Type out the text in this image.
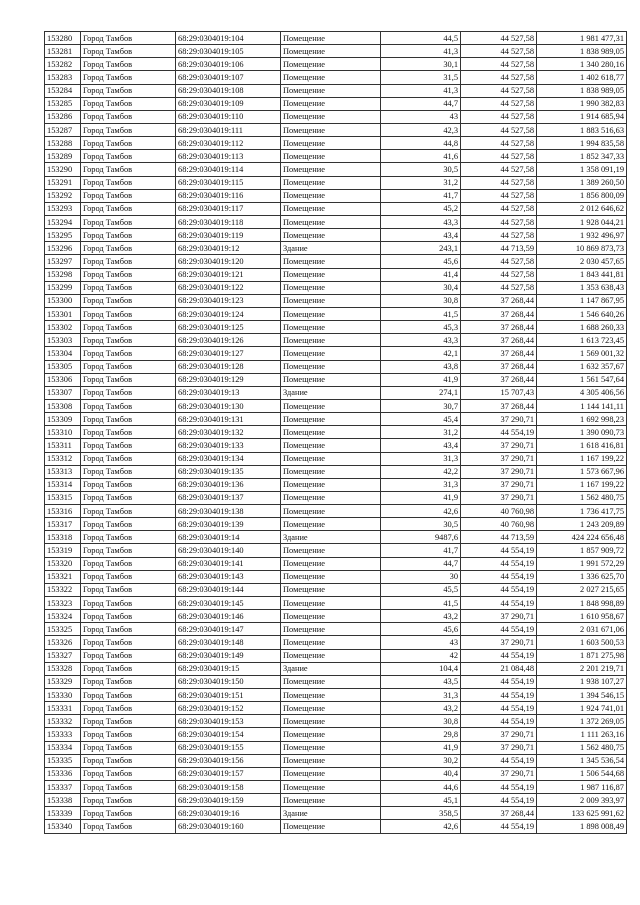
153280	Город Тамбов	68:29:0304019:104	Помещение	44,5	44 527,58	1 981 477,31
153281	Город Тамбов	68:29:0304019:105	Помещение	41,3	44 527,58	1 838 989,05
153282	Город Тамбов	68:29:0304019:106	Помещение	30,1	44 527,58	1 340 280,16
153283	Город Тамбов	68:29:0304019:107	Помещение	31,5	44 527,58	1 402 618,77
153284	Город Тамбов	68:29:0304019:108	Помещение	41,3	44 527,58	1 838 989,05
153285	Город Тамбов	68:29:0304019:109	Помещение	44,7	44 527,58	1 990 382,83
153286	Город Тамбов	68:29:0304019:110	Помещение	43	44 527,58	1 914 685,94
153287	Город Тамбов	68:29:0304019:111	Помещение	42,3	44 527,58	1 883 516,63
153288	Город Тамбов	68:29:0304019:112	Помещение	44,8	44 527,58	1 994 835,58
153289	Город Тамбов	68:29:0304019:113	Помещение	41,6	44 527,58	1 852 347,33
153290	Город Тамбов	68:29:0304019:114	Помещение	30,5	44 527,58	1 358 091,19
153291	Город Тамбов	68:29:0304019:115	Помещение	31,2	44 527,58	1 389 260,50
153292	Город Тамбов	68:29:0304019:116	Помещение	41,7	44 527,58	1 856 800,09
153293	Город Тамбов	68:29:0304019:117	Помещение	45,2	44 527,58	2 012 646,62
153294	Город Тамбов	68:29:0304019:118	Помещение	43,3	44 527,58	1 928 044,21
153295	Город Тамбов	68:29:0304019:119	Помещение	43,4	44 527,58	1 932 496,97
153296	Город Тамбов	68:29:0304019:12	Здание	243,1	44 713,59	10 869 873,73
153297	Город Тамбов	68:29:0304019:120	Помещение	45,6	44 527,58	2 030 457,65
153298	Город Тамбов	68:29:0304019:121	Помещение	41,4	44 527,58	1 843 441,81
153299	Город Тамбов	68:29:0304019:122	Помещение	30,4	44 527,58	1 353 638,43
153300	Город Тамбов	68:29:0304019:123	Помещение	30,8	37 268,44	1 147 867,95
153301	Город Тамбов	68:29:0304019:124	Помещение	41,5	37 268,44	1 546 640,26
153302	Город Тамбов	68:29:0304019:125	Помещение	45,3	37 268,44	1 688 260,33
153303	Город Тамбов	68:29:0304019:126	Помещение	43,3	37 268,44	1 613 723,45
153304	Город Тамбов	68:29:0304019:127	Помещение	42,1	37 268,44	1 569 001,32
153305	Город Тамбов	68:29:0304019:128	Помещение	43,8	37 268,44	1 632 357,67
153306	Город Тамбов	68:29:0304019:129	Помещение	41,9	37 268,44	1 561 547,64
153307	Город Тамбов	68:29:0304019:13	Здание	274,1	15 707,43	4 305 406,56
153308	Город Тамбов	68:29:0304019:130	Помещение	30,7	37 268,44	1 144 141,11
153309	Город Тамбов	68:29:0304019:131	Помещение	45,4	37 290,71	1 692 998,23
153310	Город Тамбов	68:29:0304019:132	Помещение	31,2	44 554,19	1 390 090,73
153311	Город Тамбов	68:29:0304019:133	Помещение	43,4	37 290,71	1 618 416,81
153312	Город Тамбов	68:29:0304019:134	Помещение	31,3	37 290,71	1 167 199,22
153313	Город Тамбов	68:29:0304019:135	Помещение	42,2	37 290,71	1 573 667,96
153314	Город Тамбов	68:29:0304019:136	Помещение	31,3	37 290,71	1 167 199,22
153315	Город Тамбов	68:29:0304019:137	Помещение	41,9	37 290,71	1 562 480,75
153316	Город Тамбов	68:29:0304019:138	Помещение	42,6	40 760,98	1 736 417,75
153317	Город Тамбов	68:29:0304019:139	Помещение	30,5	40 760,98	1 243 209,89
153318	Город Тамбов	68:29:0304019:14	Здание	9487,6	44 713,59	424 224 656,48
153319	Город Тамбов	68:29:0304019:140	Помещение	41,7	44 554,19	1 857 909,72
153320	Город Тамбов	68:29:0304019:141	Помещение	44,7	44 554,19	1 991 572,29
153321	Город Тамбов	68:29:0304019:143	Помещение	30	44 554,19	1 336 625,70
153322	Город Тамбов	68:29:0304019:144	Помещение	45,5	44 554,19	2 027 215,65
153323	Город Тамбов	68:29:0304019:145	Помещение	41,5	44 554,19	1 848 998,89
153324	Город Тамбов	68:29:0304019:146	Помещение	43,2	37 290,71	1 610 958,67
153325	Город Тамбов	68:29:0304019:147	Помещение	45,6	44 554,19	2 031 671,06
153326	Город Тамбов	68:29:0304019:148	Помещение	43	37 290,71	1 603 500,53
153327	Город Тамбов	68:29:0304019:149	Помещение	42	44 554,19	1 871 275,98
153328	Город Тамбов	68:29:0304019:15	Здание	104,4	21 084,48	2 201 219,71
153329	Город Тамбов	68:29:0304019:150	Помещение	43,5	44 554,19	1 938 107,27
153330	Город Тамбов	68:29:0304019:151	Помещение	31,3	44 554,19	1 394 546,15
153331	Город Тамбов	68:29:0304019:152	Помещение	43,2	44 554,19	1 924 741,01
153332	Город Тамбов	68:29:0304019:153	Помещение	30,8	44 554,19	1 372 269,05
153333	Город Тамбов	68:29:0304019:154	Помещение	29,8	37 290,71	1 111 263,16
153334	Город Тамбов	68:29:0304019:155	Помещение	41,9	37 290,71	1 562 480,75
153335	Город Тамбов	68:29:0304019:156	Помещение	30,2	44 554,19	1 345 536,54
153336	Город Тамбов	68:29:0304019:157	Помещение	40,4	37 290,71	1 506 544,68
153337	Город Тамбов	68:29:0304019:158	Помещение	44,6	44 554,19	1 987 116,87
153338	Город Тамбов	68:29:0304019:159	Помещение	45,1	44 554,19	2 009 393,97
153339	Город Тамбов	68:29:0304019:16	Здание	358,5	37 268,44	133 625 991,62
153340	Город Тамбов	68:29:0304019:160	Помещение	42,6	44 554,19	1 898 008,49
